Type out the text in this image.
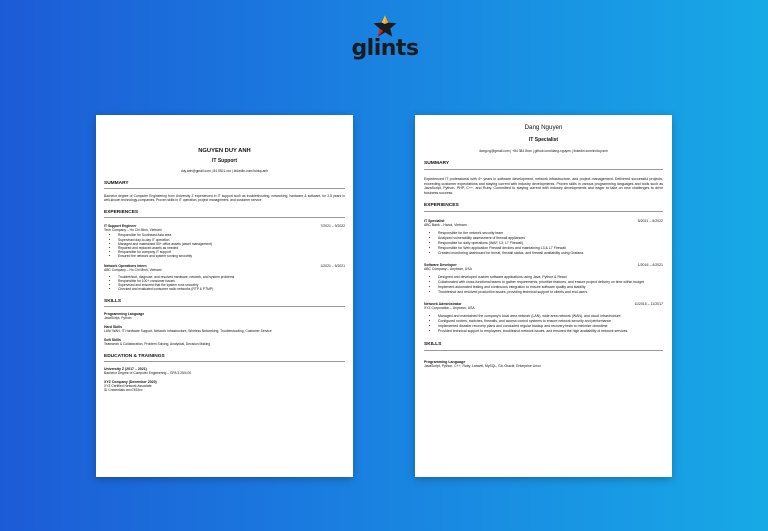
glints
NGUYEN DUY ANH
IT Support
duy.anh@gmail.com | 84.5521.xxx | linkedin.com/in/duy.anh
SUMMARY
Bachelor degree of Computer Engineering from University Z experienced in IT support such as troubleshooting, networking, hardware & software, for 2.5 years in well-known technology-companies. Proven skills in IT operation, project management, and customer service
EXPERIENCES
IT Support Engineer	7/2021 – 9/2022
Tech Company – Ho Chi Minh, Vietnam
• Responsible for Southeast Asia area
• Supervised day-to-day IT operation
• Managed and maintained 50+ office assets (asset management)
• Repaired and replaced assets as needed
• Responsible for company IT support
• Ensured the network and system running smoothly
Network Operations Intern	1/2021 – 5/2021
ABC Company – Ho Chi Minh, Vietnam
• Troubleshoot, diagnose, and resolved hardware, network, and system problems
• Responsible for 100+ consumer issues
• Supervised and ensured that the system runs smoothly
• Checked and evaluated consumer radio networks (RTP & PTMP)
SKILLS
Programming Language
JavaScript, Python
Hard Skills
LAN/ WAN, IT Hardware Support, Network Infrastructure, Wireless Networking, Troubleshooting, Customer Service
Soft Skills
Teamwork & Collaboration, Problem Solving, Analytical, Decision Making
EDUCATION & TRAININGS
University Z (2017 – 2021)
Bachelor Degree of Computer Engineering – GPA 3.25/4.00
XYZ Company (December 2020)
XYZ Certified Network Associate
ID Credentials cmx7493xx
Dang Nguyen
IT Specialist
dang.ng@gmail.com | +84 384 8xxx | github.com/dang-nguyen | linkedin.com/in/duy.anh
SUMMARY
Experienced IT professional with 4+ years in software development, network infrastructure, and project management. Delivered successful projects, exceeding customer expectations and staying current with industry developments. Proven skills in various programming languages and tools such as JavaScript, Python, PHP, C++, and Ruby. Committed to staying current with industry developments and eager to take on new challenges to drive business success.
EXPERIENCES
IT Specialist	5/2021 – 5/2022
ABC Bank – Hanoi, Vietnam
• Responsible for the network security team
• Analyzed vulnerability assessment of firewall appliances
• Responsible for daily operations (WAF, L3, L7 Firewall)
• Responsible for Web application Firewall devices and maintaining L3 & L7 Firewall
• Created monitoring dashboard for threat, firewall status, and firewall availability using Grafana
Software Developer	1/2016 – 4/2021
ABC Company – Anytown, USA
• Designed and developed custom software applications using Java, Python & React
• Collaborated with cross-functional teams to gather requirements, prioritize features, and ensure project delivery on time within budget
• Implement automated testing and continuous integration to ensure software quality and stability
• Troubleshot and resolved production issues, providing technical support to clients and end-users
Network Administrator	11/2015 – 11/2017
XYZ Corporation – Anytown, USA
• Managed and maintained the company's local area network (LAN), wide area network (WAN), and cloud infrastructure
• Configured routers, switches, firewalls, and access control systems to ensure network security and performance
• Implemented disaster recovery plans and conducted regular backup and recovery tests to minimize downtime
• Provided technical support to employees, troubleshot network issues, and ensured the high availability of network services.
SKILLS
Programming Language
JavaScript, Python, C++, Ruby, Laravel, MySQL, Git, Oracle, Enterprise Linux
